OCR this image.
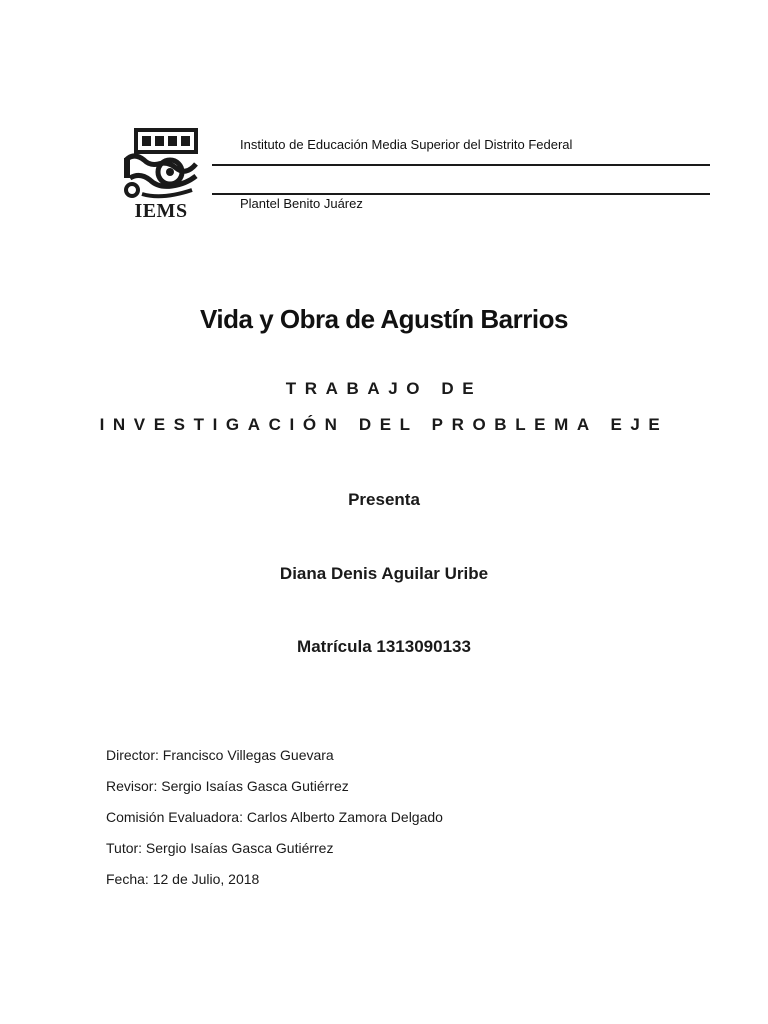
IEMS
Instituto de Educación Media Superior del Distrito Federal
Plantel Benito Juárez
Vida y Obra de Agustín Barrios
TRABAJO DE
INVESTIGACIÓN DEL PROBLEMA EJE
Presenta
Diana Denis Aguilar Uribe
Matrícula 1313090133
Director: Francisco Villegas Guevara
Revisor: Sergio Isaías Gasca Gutiérrez
Comisión Evaluadora: Carlos Alberto Zamora Delgado
Tutor: Sergio Isaías Gasca Gutiérrez
Fecha: 12 de Julio, 2018
